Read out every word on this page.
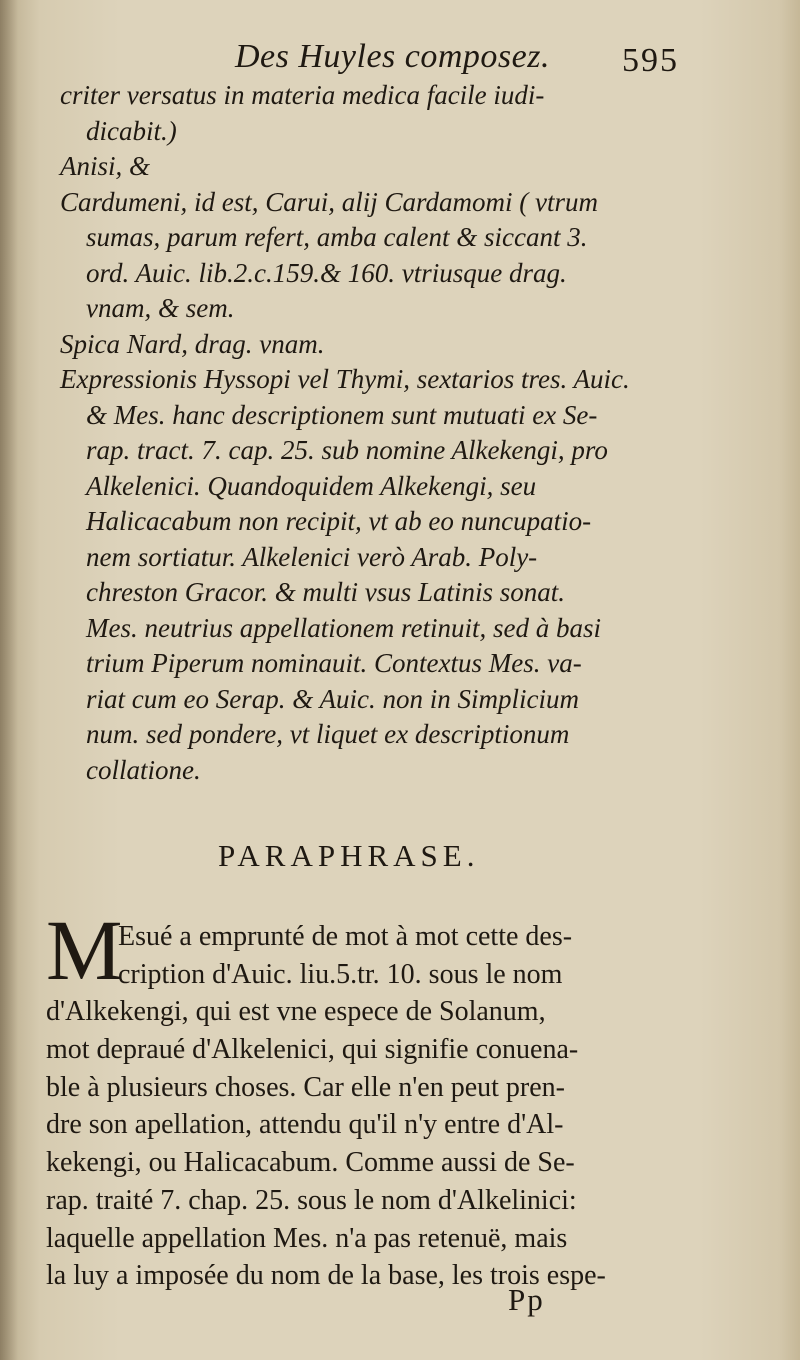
Des Huyles composez. 595
criter versatus in materia medica facile iudi-
dicabit.)
Anisi, &
Cardumeni, id est, Carui, alij Cardamomi ( vtrum
sumas, parum refert, amba calent & siccant 3.
ord. Auic. lib.2.c.159.& 160. vtriusque drag.
vnam, & sem.
Spica Nard, drag. vnam.
Expressionis Hyssopi vel Thymi, sextarios tres. Auic.
& Mes. hanc descriptionem sunt mutuati ex Se-
rap. tract. 7. cap. 25. sub nomine Alkekengi, pro
Alkelenici. Quandoquidem Alkekengi, seu
Halicacabum non recipit, vt ab eo nuncupatio-
nem sortiatur. Alkelenici verò Arab. Poly-
chreston Gracor. & multi vsus Latinis sonat.
Mes. neutrius appellationem retinuit, sed à basi
trium Piperum nominauit. Contextus Mes. va-
riat cum eo Serap. & Auic. non in Simplicium
num. sed pondere, vt liquet ex descriptionum
collatione.
PARAPHRASE.
M
Esué a emprunté de mot à mot cette des-
cription d'Auic. liu.5.tr. 10. sous le nom
d'Alkekengi, qui est vne espece de Solanum,
mot depraué d'Alkelenici, qui signifie conuena-
ble à plusieurs choses. Car elle n'en peut pren-
dre son apellation, attendu qu'il n'y entre d'Al-
kekengi, ou Halicacabum. Comme aussi de Se-
rap. traité 7. chap. 25. sous le nom d'Alkelinici:
laquelle appellation Mes. n'a pas retenuë, mais
la luy a imposée du nom de la base, les trois espe-
Pp
